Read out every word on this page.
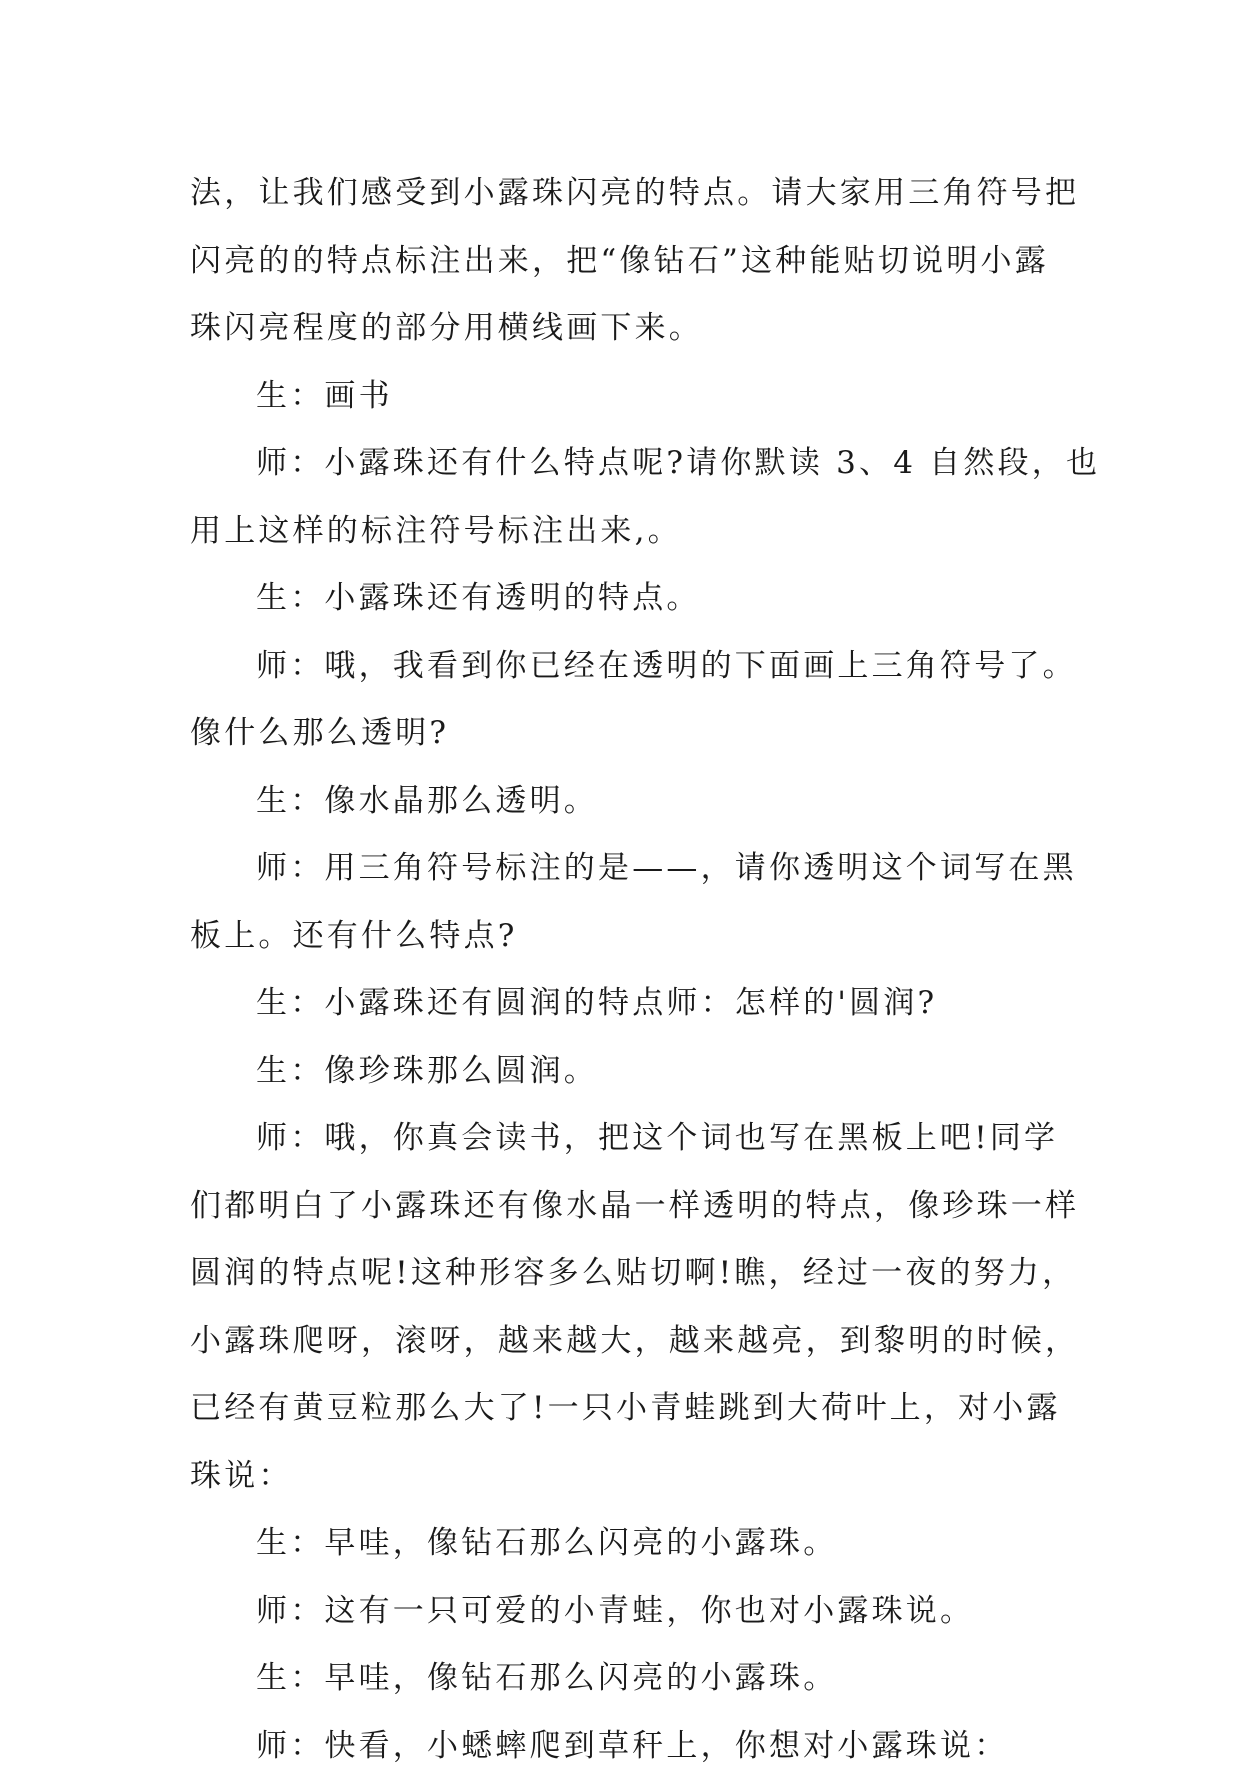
法，让我们感受到小露珠闪亮的特点。请大家用三角符号把
闪亮的的特点标注出来，把“像钻石”这种能贴切说明小露
珠闪亮程度的部分用横线画下来。
生：画书
师：小露珠还有什么特点呢?请你默读 3、4 自然段，也
用上这样的标注符号标注出来,。
生：小露珠还有透明的特点。
师：哦，我看到你已经在透明的下面画上三角符号了。
像什么那么透明?
生：像水晶那么透明。
师：用三角符号标注的是——，请你透明这个词写在黑
板上。还有什么特点?
生：小露珠还有圆润的特点师：怎样的'圆润?
生：像珍珠那么圆润。
师：哦，你真会读书，把这个词也写在黑板上吧!同学
们都明白了小露珠还有像水晶一样透明的特点，像珍珠一样
圆润的特点呢!这种形容多么贴切啊!瞧，经过一夜的努力，
小露珠爬呀，滚呀，越来越大，越来越亮，到黎明的时候，
已经有黄豆粒那么大了!一只小青蛙跳到大荷叶上，对小露
珠说：
生：早哇，像钻石那么闪亮的小露珠。
师：这有一只可爱的小青蛙，你也对小露珠说。
生：早哇，像钻石那么闪亮的小露珠。
师：快看，小蟋蟀爬到草秆上，你想对小露珠说：
